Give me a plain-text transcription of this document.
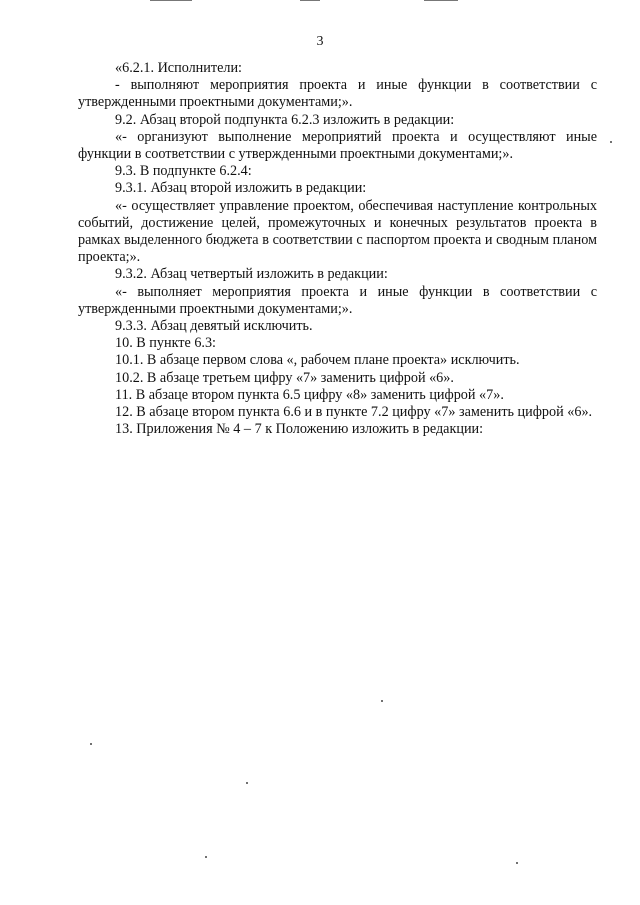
3

«6.2.1. Исполнители:

- выполняют мероприятия проекта и иные функции в соответствии с утвержденными проектными документами;».

9.2. Абзац второй подпункта 6.2.3 изложить в редакции:

«- организуют выполнение мероприятий проекта и осуществляют иные функции в соответствии с утвержденными проектными документами;».

9.3. В подпункте 6.2.4:

9.3.1. Абзац второй изложить в редакции:

«- осуществляет управление проектом, обеспечивая наступление контрольных событий, достижение целей, промежуточных и конечных результатов проекта в рамках выделенного бюджета в соответствии с паспортом проекта и сводным планом проекта;».

9.3.2. Абзац четвертый изложить в редакции:

«- выполняет мероприятия проекта и иные функции в соответствии с утвержденными проектными документами;».

9.3.3. Абзац девятый исключить.

10. В пункте 6.3:

10.1. В абзаце первом слова «, рабочем плане проекта» исключить.

10.2. В абзаце третьем цифру «7» заменить цифрой «6».

11. В абзаце втором пункта 6.5 цифру «8» заменить цифрой «7».

12. В абзаце втором пункта 6.6 и в пункте 7.2 цифру «7» заменить цифрой «6».

13. Приложения № 4 – 7 к Положению изложить в редакции:
